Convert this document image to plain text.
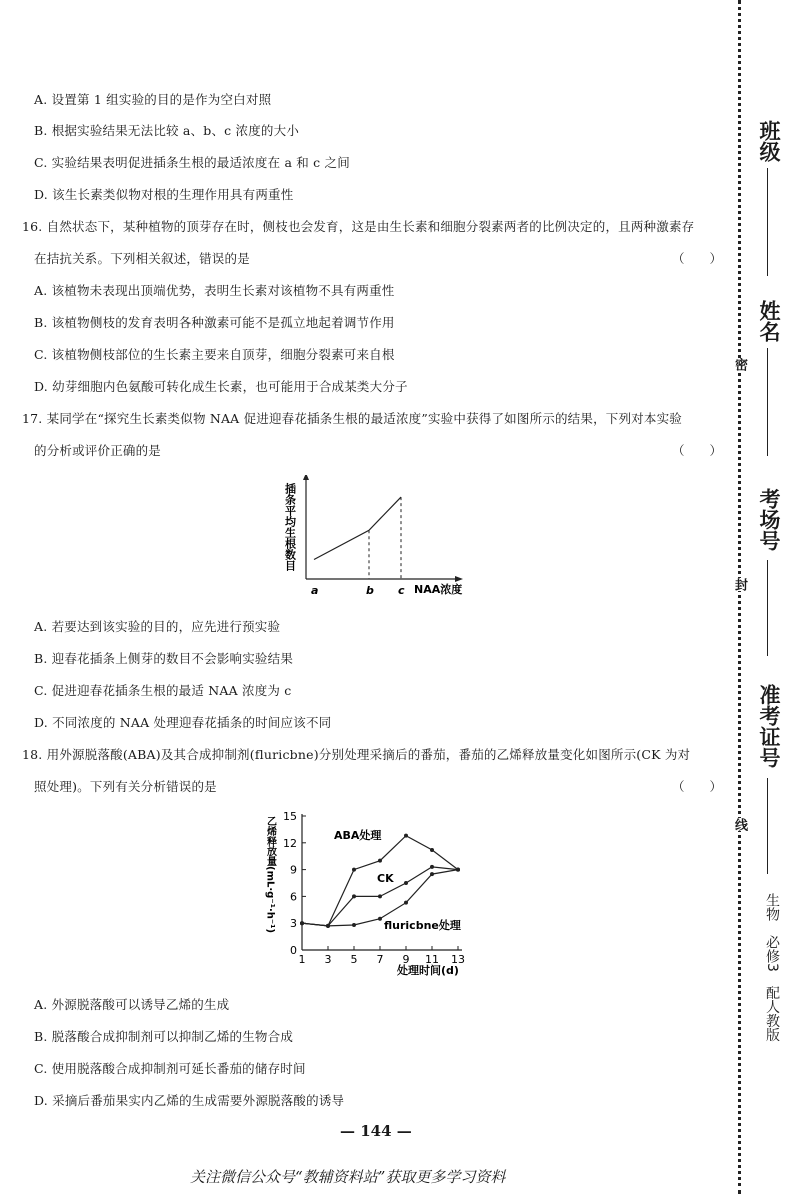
A. 设置第 1 组实验的目的是作为空白对照
B. 根据实验结果无法比较 a、b、c 浓度的大小
C. 实验结果表明促进插条生根的最适浓度在 a 和 c 之间
D. 该生长素类似物对根的生理作用具有两重性
16. 自然状态下，某种植物的顶芽存在时，侧枝也会发育，这是由生长素和细胞分裂素两者的比例决定的，且两种激素存
在拮抗关系。下列相关叙述，错误的是	（　　）
A. 该植物未表现出顶端优势，表明生长素对该植物不具有两重性
B. 该植物侧枝的发育表明各种激素可能不是孤立地起着调节作用
C. 该植物侧枝部位的生长素主要来自顶芽，细胞分裂素可来自根
D. 幼芽细胞内色氨酸可转化成生长素，也可能用于合成某类大分子
17. 某同学在“探究生长素类似物 NAA 促进迎春花插条生根的最适浓度”实验中获得了如图所示的结果，下列对本实验
的分析或评价正确的是	（　　）
插条平均生根数目
NAA浓度
a	b c
A. 若要达到该实验的目的，应先进行预实验
B. 迎春花插条上侧芽的数目不会影响实验结果
C. 促进迎春花插条生根的最适 NAA 浓度为 c
D. 不同浓度的 NAA 处理迎春花插条的时间应该不同
18. 用外源脱落酸(ABA)及其合成抑制剂(fluricbne)分别处理采摘后的番茄，番茄的乙烯释放量变化如图所示(CK 为对
照处理)。下列有关分析错误的是	（　　）
乙烯释放量(mL·g⁻¹·h⁻¹)
处理时间(d)
0
3
6
9
12
15
1 3 5 7 9 11 13
ABA处理
CK
fluricbne处理
A. 外源脱落酸可以诱导乙烯的生成
B. 脱落酸合成抑制剂可以抑制乙烯的生物合成
C. 使用脱落酸合成抑制剂可延长番茄的储存时间
D. 采摘后番茄果实内乙烯的生成需要外源脱落酸的诱导
— 144 —
关注微信公众号“教辅资料站”获取更多学习资料
密
封
线
班级
姓名
考场号
准考证号
生物　必修3　配人教版
